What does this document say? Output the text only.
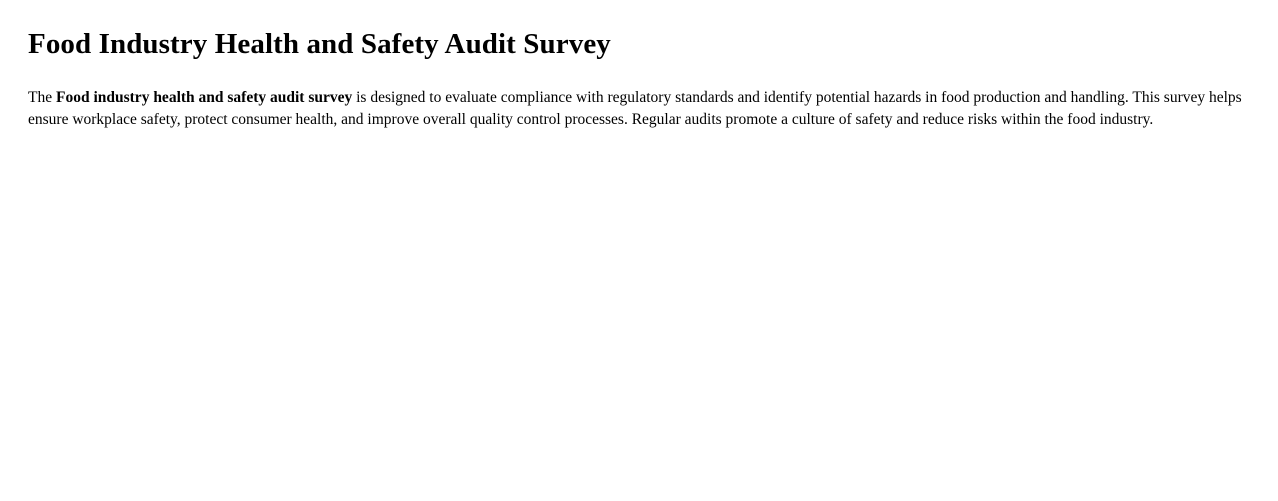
Food Industry Health and Safety Audit Survey

The Food industry health and safety audit survey is designed to evaluate compliance with regulatory standards and identify potential hazards in food production and handling. This survey helps ensure workplace safety, protect consumer health, and improve overall quality control processes. Regular audits promote a culture of safety and reduce risks within the food industry.
